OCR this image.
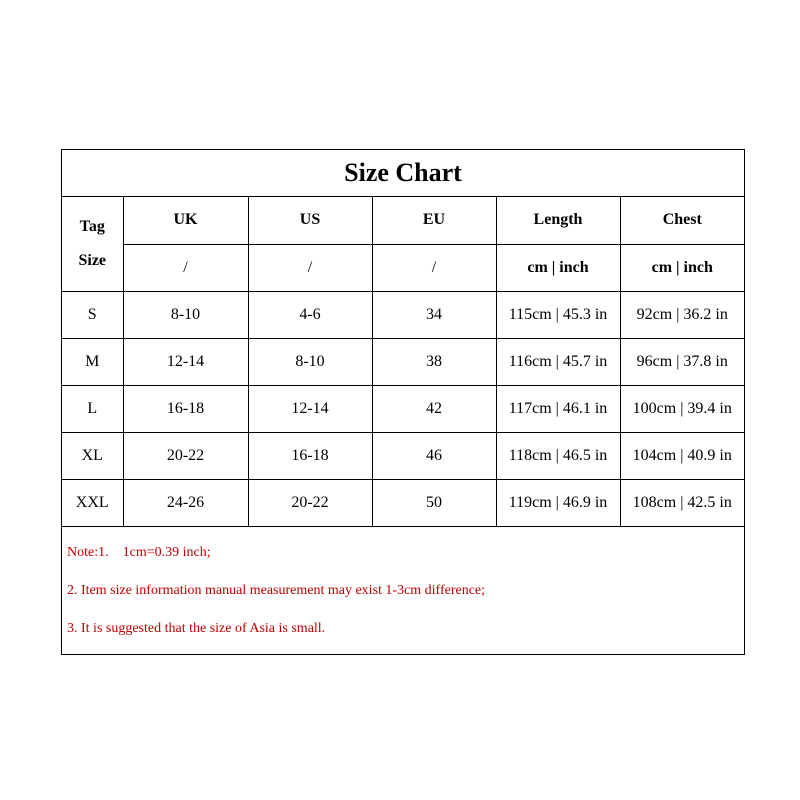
Size Chart
Tag
Size	UK	US	EU	Length	Chest
	/	/	/	cm | inch	cm | inch
S	8-10	4-6	34	115cm | 45.3 in	92cm | 36.2 in
M	12-14	8-10	38	116cm | 45.7 in	96cm | 37.8 in
L	16-18	12-14	42	117cm | 46.1 in	100cm | 39.4 in
XL	20-22	16-18	46	118cm | 46.5 in	104cm | 40.9 in
XXL	24-26	20-22	50	119cm | 46.9 in	108cm | 42.5 in
Note:1.    1cm=0.39 inch;
2. Item size information manual measurement may exist 1-3cm difference;
3. It is suggested that the size of Asia is small.
